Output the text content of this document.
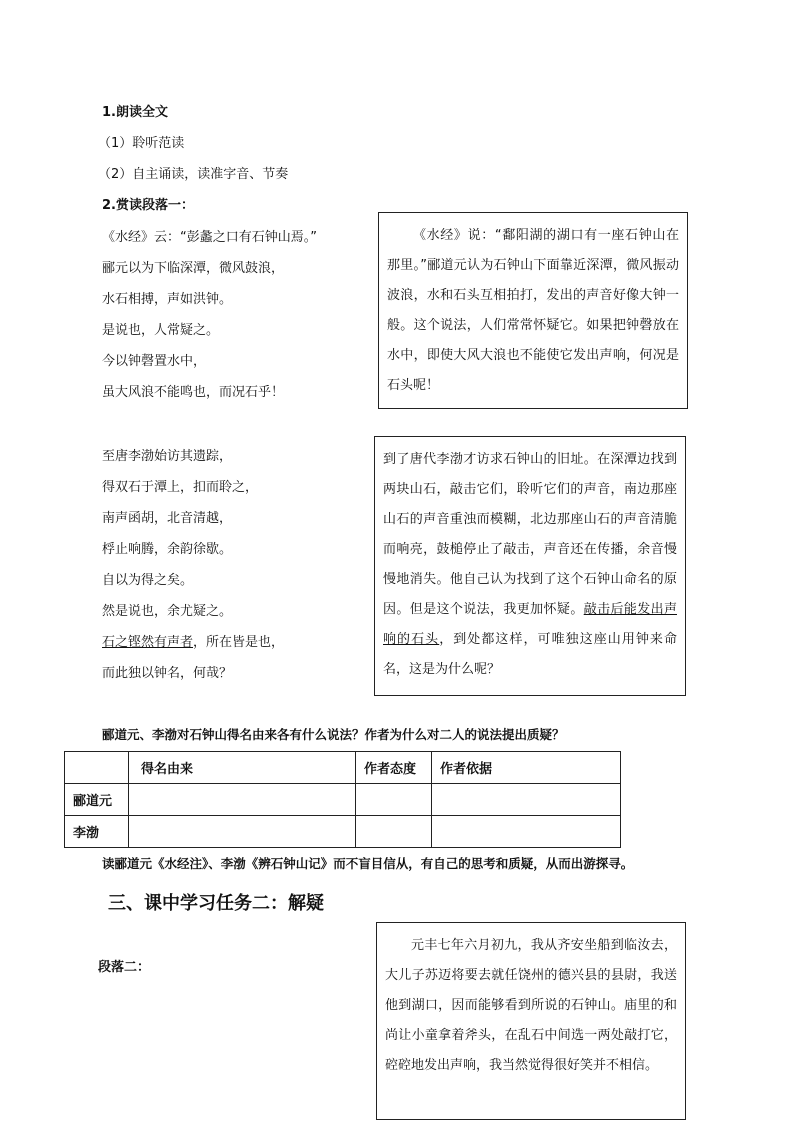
1.朗读全文
（1）聆听范读
（2）自主诵读，读准字音、节奏
2.赏读段落一：
《水经》云：“彭蠡之口有石钟山焉。”
郦元以为下临深潭，微风鼓浪，
水石相搏，声如洪钟。
是说也，人常疑之。
今以钟磬置水中，
虽大风浪不能鸣也，而况石乎！

《水经》说：“鄱阳湖的湖口有一座石钟山在那里。”郦道元认为石钟山下面靠近深潭，微风振动波浪，水和石头互相拍打，发出的声音好像大钟一般。这个说法，人们常常怀疑它。如果把钟磬放在水中，即使大风大浪也不能使它发出声响，何况是石头呢！

至唐李渤始访其遗踪，
得双石于潭上，扣而聆之，
南声函胡，北音清越，
桴止响腾，余韵徐歇。
自以为得之矣。
然是说也，余尤疑之。
石之铿然有声者，所在皆是也，
而此独以钟名，何哉？

到了唐代李渤才访求石钟山的旧址。在深潭边找到两块山石，敲击它们，聆听它们的声音，南边那座山石的声音重浊而模糊，北边那座山石的声音清脆而响亮，鼓槌停止了敲击，声音还在传播，余音慢慢地消失。他自己认为找到了这个石钟山命名的原因。但是这个说法，我更加怀疑。敲击后能发出声响的石头，到处都这样，可唯独这座山用钟来命名，这是为什么呢？

郦道元、李渤对石钟山得名由来各有什么说法？作者为什么对二人的说法提出质疑？
	得名由来	作者态度	作者依据
郦道元			
李渤			
读郦道元《水经注》、李渤《辨石钟山记》而不盲目信从，有自己的思考和质疑，从而出游探寻。
三、课中学习任务二：解疑
段落二：

元丰七年六月初九，我从齐安坐船到临汝去，大儿子苏迈将要去就任饶州的德兴县的县尉，我送他到湖口，因而能够看到所说的石钟山。庙里的和尚让小童拿着斧头，在乱石中间选一两处敲打它，硿硿地发出声响，我当然觉得很好笑并不相信。
